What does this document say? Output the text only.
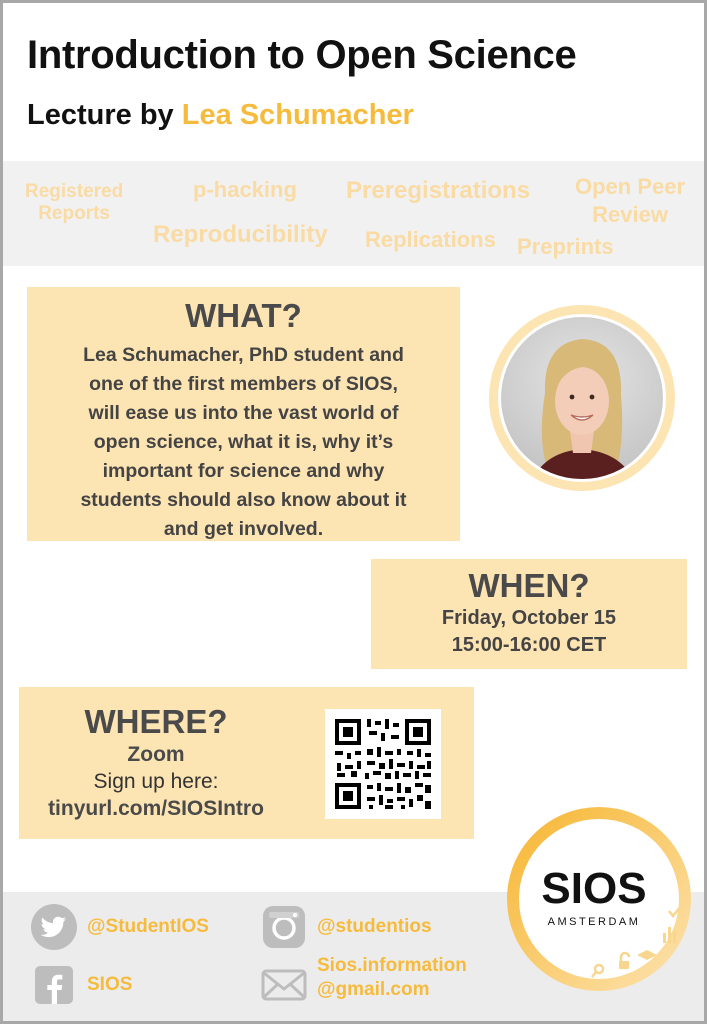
Introduction to Open Science
Lecture by Lea Schumacher
Registered
Reports
p-hacking Preregistrations Open Peer
Review
Reproducibility Replications Preprints
WHAT?

Lea Schumacher, PhD student and
one of the first members of SIOS,
will ease us into the vast world of
open science, what it is, why it’s
important for science and why
students should also know about it
and get involved.

WHEN?
Friday, October 15
15:00-16:00 CET
WHERE?
Zoom
Sign up here:
tinyurl.com/SIOSIntro
@StudentIOS	@studentios
SIOS
Sios.information
@gmail.com
SIOS
AMSTERDAM
